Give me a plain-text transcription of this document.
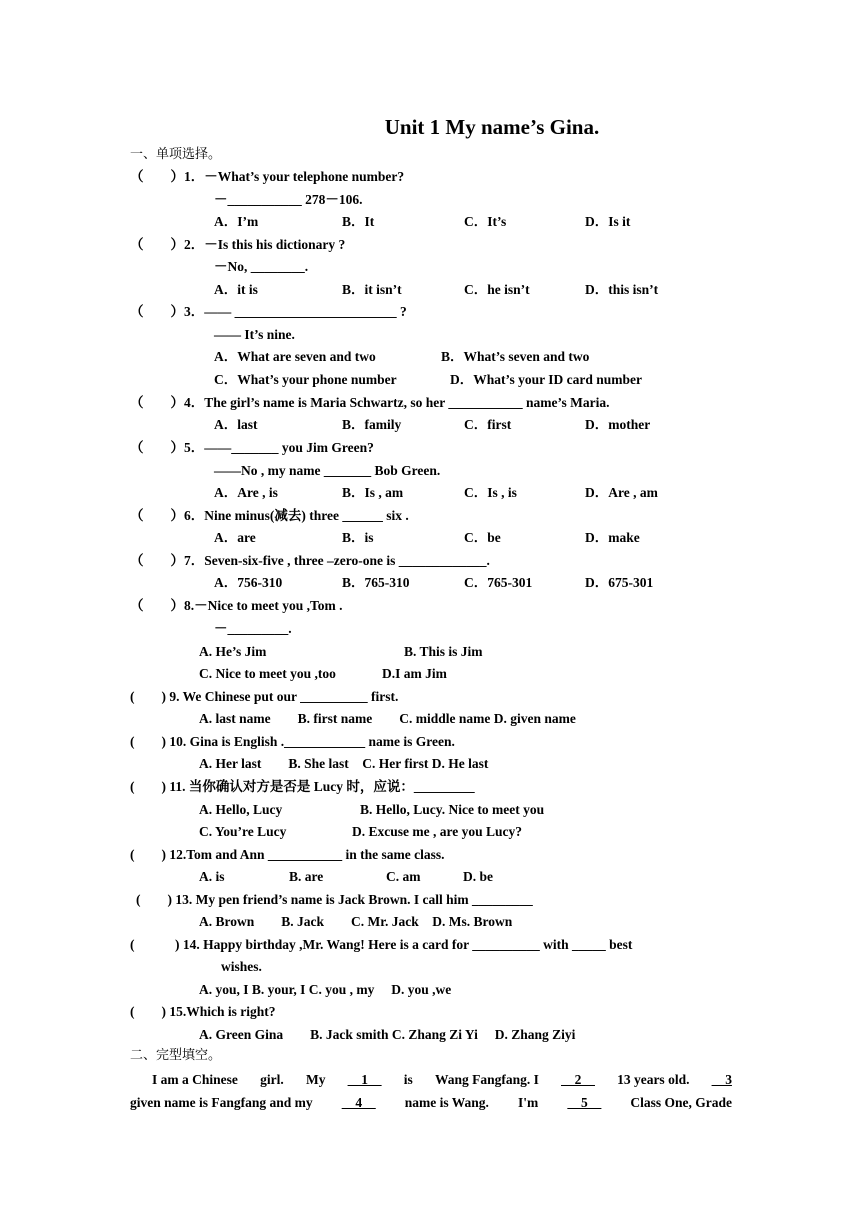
Unit 1 My name’s Gina.
一、单项选择。
（　　）1．－What’s your telephone number?
－___________ 278－106.
A．I’m	B．It	C．It’s	D．Is it
（　　）2．－Is this his dictionary ?
－No, ________.
A．it is	B．it isn’t	C．he isn’t	D．this isn’t
（　　）3．—— ________________________ ?
—— It’s nine.
A．What are seven and two	B．What’s seven and two
C．What’s your phone number	D．What’s your ID card number
（　　）4．The girl’s name is Maria Schwartz, so her ___________ name’s Maria.
A．last	B．family	C．first	D．mother
（　　）5．——_______ you Jim Green?
——No , my name _______ Bob Green.
A．Are , is	B．Is , am	C．Is , is	D．Are , am
（　　）6．Nine minus(减去) three ______ six .
A．are	B．is	C．be	D．make
（　　）7．Seven-six-five , three –zero-one is _____________.
A．756-310	B．765-310	C．765-301	D．675-301
（　　）8.－Nice to meet you ,Tom .
－_________.
A. He’s Jim	B. This is Jim
C. Nice to meet you ,too	D.I am Jim
(　　) 9. We Chinese put our __________ first.
A. last name　　B. first name　　C. middle name D. given name
(　　) 10. Gina is English .____________ name is Green.
A. Her last　　B. She last　C. Her first D. He last
(　　) 11. 当你确认对方是否是 Lucy 时，应说：_________
A. Hello, Lucy	B. Hello, Lucy. Nice to meet you
C. You’re Lucy	D. Excuse me , are you Lucy?
(　　) 12.Tom and Ann ___________ in the same class.
A. is	B. are	C. am	D. be
(　　) 13. My pen friend’s name is Jack Brown. I call him _________
A. Brown　　B. Jack　　C. Mr. Jack　D. Ms. Brown
(　　　) 14. Happy birthday ,Mr. Wang! Here is a card for __________ with _____ best
wishes.
A. you, I B. your, I C. you , my　 D. you ,we
(　　) 15.Which is right?
A. Green Gina　　B. Jack smith C. Zhang Zi Yi　 D. Zhang Ziyi
二、完型填空。
I am a Chinese girl. My __1__ is Wang Fangfang. I __2__ 13 years old. __3
given name is Fangfang and my __4__ name is Wang. I'm __5__ Class One, Grade
